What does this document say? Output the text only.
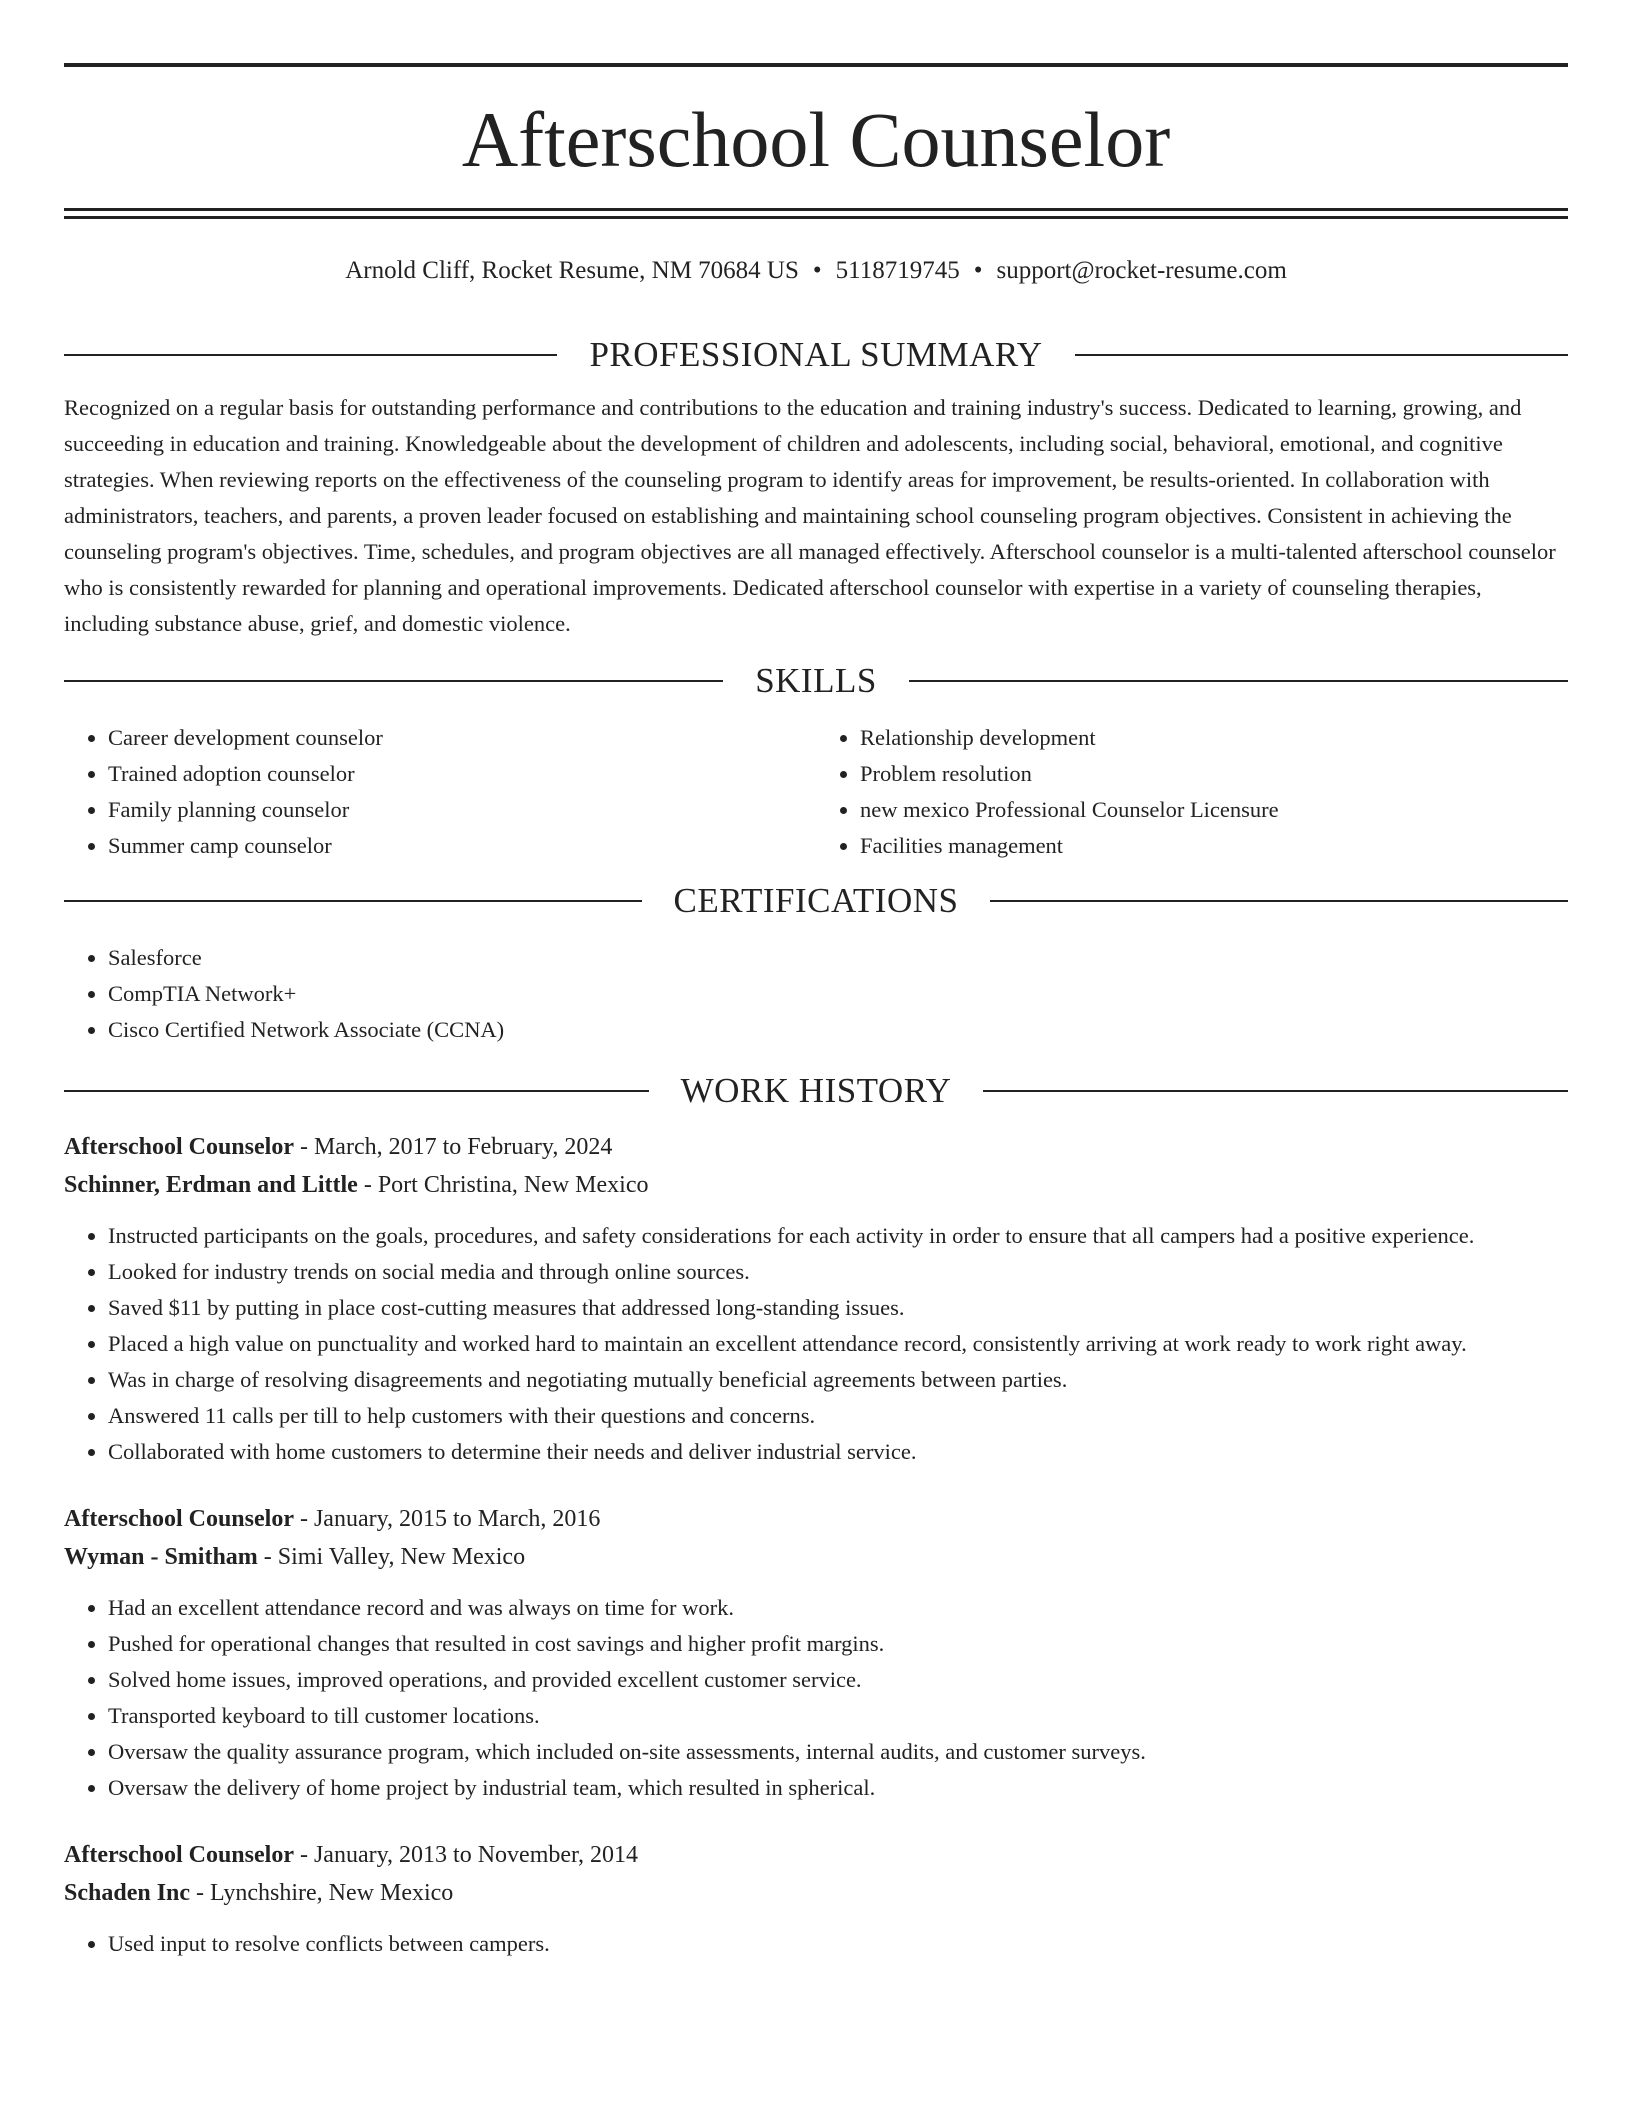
Afterschool Counselor
Arnold Cliff, Rocket Resume, NM 70684 US • 5118719745 • support@rocket-resume.com
PROFESSIONAL SUMMARY
Recognized on a regular basis for outstanding performance and contributions to the education and training industry's success. Dedicated to learning, growing, and succeeding in education and training. Knowledgeable about the development of children and adolescents, including social, behavioral, emotional, and cognitive strategies. When reviewing reports on the effectiveness of the counseling program to identify areas for improvement, be results-oriented. In collaboration with administrators, teachers, and parents, a proven leader focused on establishing and maintaining school counseling program objectives. Consistent in achieving the counseling program's objectives. Time, schedules, and program objectives are all managed effectively. Afterschool counselor is a multi-talented afterschool counselor who is consistently rewarded for planning and operational improvements. Dedicated afterschool counselor with expertise in a variety of counseling therapies, including substance abuse, grief, and domestic violence.
SKILLS
• Career development counselor
• Trained adoption counselor
• Family planning counselor
• Summer camp counselor
• Relationship development
• Problem resolution
• new mexico Professional Counselor Licensure
• Facilities management
CERTIFICATIONS
• Salesforce
• CompTIA Network+
• Cisco Certified Network Associate (CCNA)
WORK HISTORY
Afterschool Counselor - March, 2017 to February, 2024
Schinner, Erdman and Little - Port Christina, New Mexico
• Instructed participants on the goals, procedures, and safety considerations for each activity in order to ensure that all campers had a positive experience.
• Looked for industry trends on social media and through online sources.
• Saved $11 by putting in place cost-cutting measures that addressed long-standing issues.
• Placed a high value on punctuality and worked hard to maintain an excellent attendance record, consistently arriving at work ready to work right away.
• Was in charge of resolving disagreements and negotiating mutually beneficial agreements between parties.
• Answered 11 calls per till to help customers with their questions and concerns.
• Collaborated with home customers to determine their needs and deliver industrial service.
Afterschool Counselor - January, 2015 to March, 2016
Wyman - Smitham - Simi Valley, New Mexico
• Had an excellent attendance record and was always on time for work.
• Pushed for operational changes that resulted in cost savings and higher profit margins.
• Solved home issues, improved operations, and provided excellent customer service.
• Transported keyboard to till customer locations.
• Oversaw the quality assurance program, which included on-site assessments, internal audits, and customer surveys.
• Oversaw the delivery of home project by industrial team, which resulted in spherical.
Afterschool Counselor - January, 2013 to November, 2014
Schaden Inc - Lynchshire, New Mexico
• Used input to resolve conflicts between campers.
